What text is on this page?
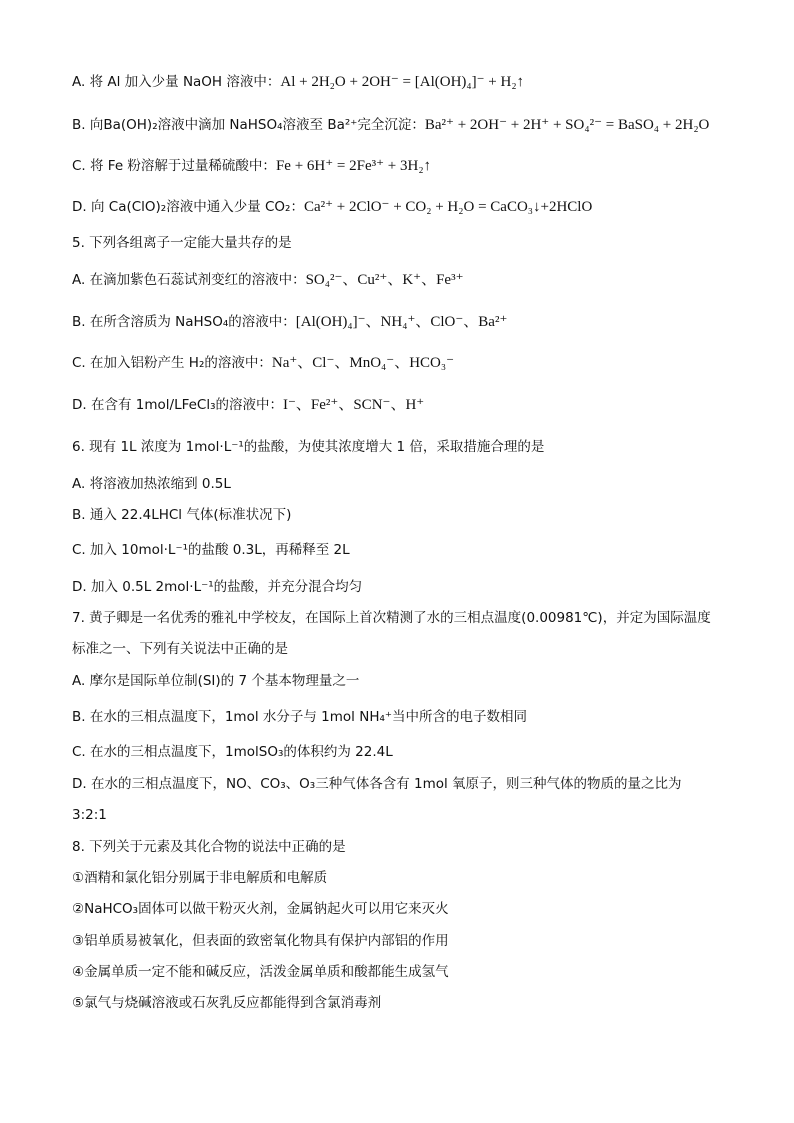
A. 将 Al 加入少量 NaOH 溶液中：Al + 2H₂O + 2OH⁻ = [Al(OH)₄]⁻ + H₂↑
B. 向Ba(OH)₂溶液中滴加 NaHSO₄溶液至 Ba²⁺完全沉淀：Ba²⁺ + 2OH⁻ + 2H⁺ + SO₄²⁻ = BaSO₄ + 2H₂O
C. 将 Fe 粉溶解于过量稀硫酸中：Fe + 6H⁺ = 2Fe³⁺ + 3H₂↑
D. 向 Ca(ClO)₂溶液中通入少量 CO₂：Ca²⁺ + 2ClO⁻ + CO₂ + H₂O = CaCO₃↓+2HClO
5. 下列各组离子一定能大量共存的是
A. 在滴加紫色石蕊试剂变红的溶液中：SO₄²⁻、Cu²⁺、K⁺、Fe³⁺
B. 在所含溶质为 NaHSO₄的溶液中：[Al(OH)₄]⁻、NH₄⁺、ClO⁻、Ba²⁺
C. 在加入铝粉产生 H₂的溶液中：Na⁺、Cl⁻、MnO₄⁻、HCO₃⁻
D. 在含有 1mol/LFeCl₃的溶液中：I⁻、Fe²⁺、SCN⁻、H⁺
6. 现有 1L 浓度为 1mol·L⁻¹的盐酸，为使其浓度增大 1 倍，采取措施合理的是
A. 将溶液加热浓缩到 0.5L
B. 通入 22.4LHCl 气体(标准状况下)
C. 加入 10mol·L⁻¹的盐酸 0.3L，再稀释至 2L
D. 加入 0.5L 2mol·L⁻¹的盐酸，并充分混合均匀
7. 黄子卿是一名优秀的雅礼中学校友，在国际上首次精测了水的三相点温度(0.00981℃)，并定为国际温度
标准之一、下列有关说法中正确的是
A. 摩尔是国际单位制(SI)的 7 个基本物理量之一
B. 在水的三相点温度下，1mol 水分子与 1mol NH₄⁺当中所含的电子数相同
C. 在水的三相点温度下，1molSO₃的体积约为 22.4L
D. 在水的三相点温度下，NO、CO₃、O₃三种气体各含有 1mol 氧原子，则三种气体的物质的量之比为
3:2:1
8. 下列关于元素及其化合物的说法中正确的是
①酒精和氯化铝分别属于非电解质和电解质
②NaHCO₃固体可以做干粉灭火剂，金属钠起火可以用它来灭火
③铝单质易被氧化，但表面的致密氧化物具有保护内部铝的作用
④金属单质一定不能和碱反应，活泼金属单质和酸都能生成氢气
⑤氯气与烧碱溶液或石灰乳反应都能得到含氯消毒剂
